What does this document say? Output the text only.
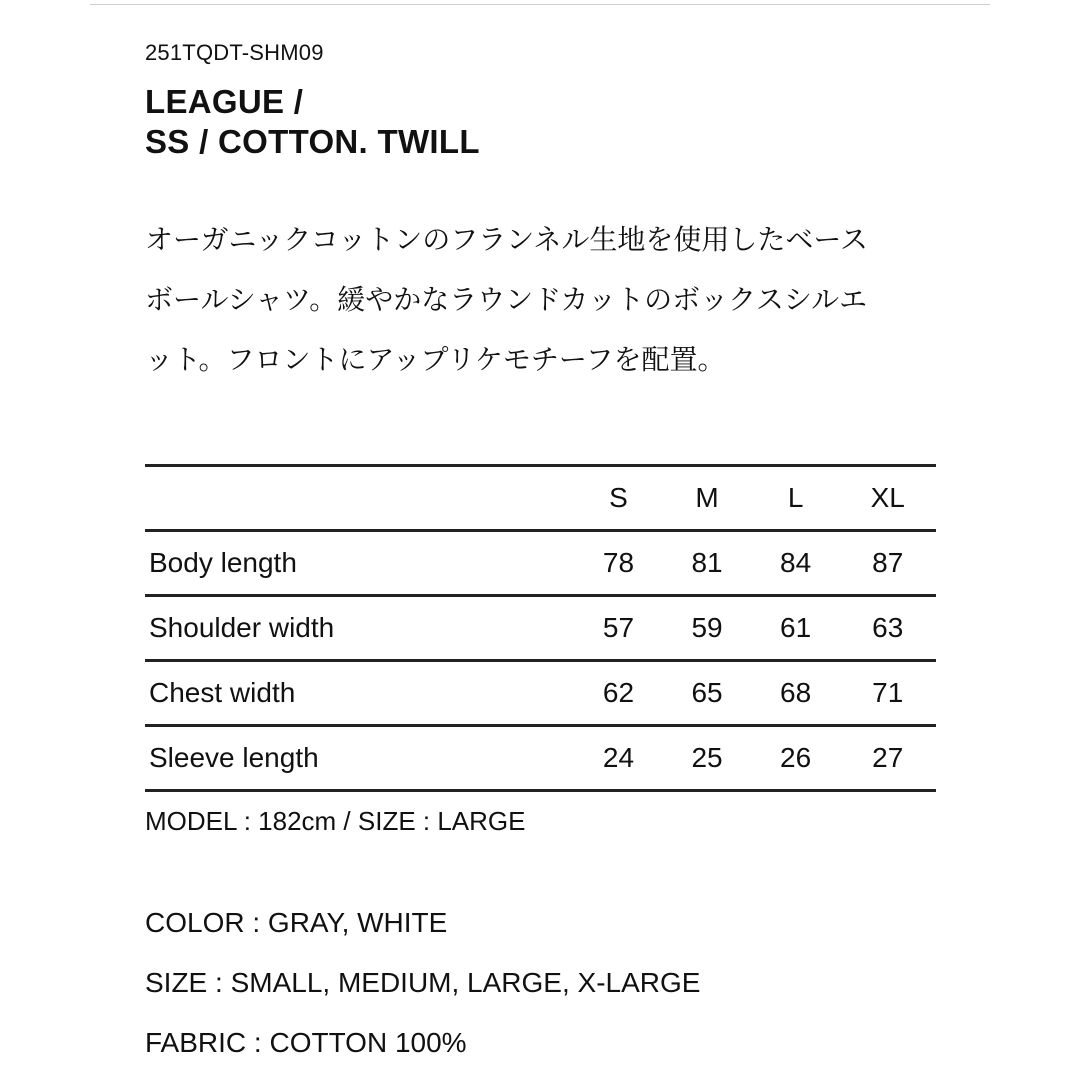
251TQDT-SHM09
LEAGUE /
SS / COTTON. TWILL
オーガニックコットンのフランネル生地を使用したベース
ボールシャツ。緩やかなラウンドカットのボックスシルエ
ット。フロントにアップリケモチーフを配置。
	S	M	L	XL
Body length	78	81	84	87
Shoulder width	57	59	61	63
Chest width	62	65	68	71
Sleeve length	24	25	26	27
MODEL : 182cm / SIZE : LARGE
COLOR : GRAY, WHITE
SIZE : SMALL, MEDIUM, LARGE, X-LARGE
FABRIC : COTTON 100%
